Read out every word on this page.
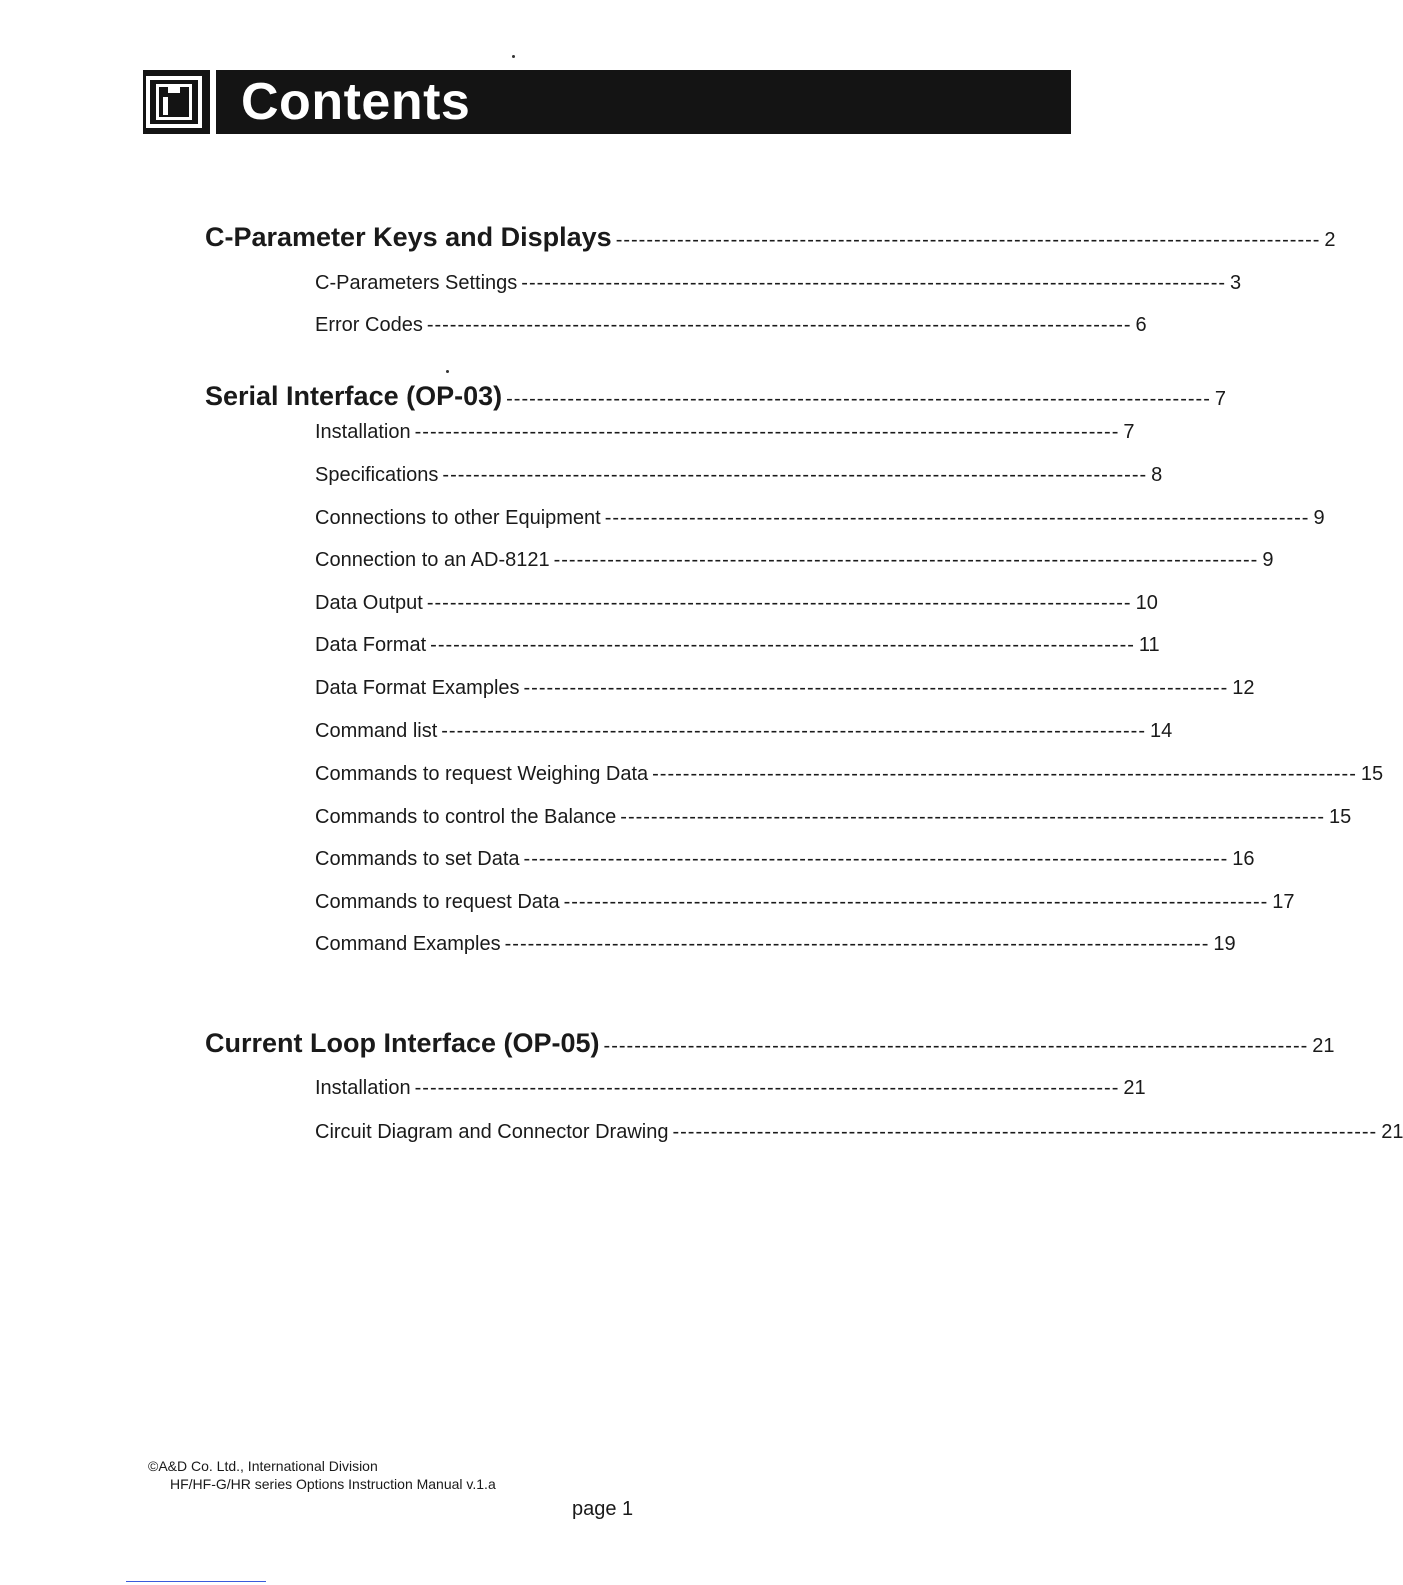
Contents
C-Parameter Keys and Displays -------------------------------------------------------------------------------------------- 2
C-Parameters Settings -------------------------------------------------------------------------------------------- 3
Error Codes -------------------------------------------------------------------------------------------- 6
Serial Interface (OP-03) -------------------------------------------------------------------------------------------- 7
Installation -------------------------------------------------------------------------------------------- 7
Specifications -------------------------------------------------------------------------------------------- 8
Connections to other Equipment -------------------------------------------------------------------------------------------- 9
Connection to an AD-8121 -------------------------------------------------------------------------------------------- 9
Data Output -------------------------------------------------------------------------------------------- 10
Data Format -------------------------------------------------------------------------------------------- 11
Data Format Examples -------------------------------------------------------------------------------------------- 12
Command list -------------------------------------------------------------------------------------------- 14
Commands to request Weighing Data -------------------------------------------------------------------------------------------- 15
Commands to control the Balance -------------------------------------------------------------------------------------------- 15
Commands to set Data -------------------------------------------------------------------------------------------- 16
Commands to request Data -------------------------------------------------------------------------------------------- 17
Command Examples -------------------------------------------------------------------------------------------- 19
Current Loop Interface (OP-05) -------------------------------------------------------------------------------------------- 21
Installation -------------------------------------------------------------------------------------------- 21
Circuit Diagram and Connector Drawing -------------------------------------------------------------------------------------------- 21
©A&D Co. Ltd., International Division
HF/HF-G/HR series Options Instruction Manual v.1.a
page 1
